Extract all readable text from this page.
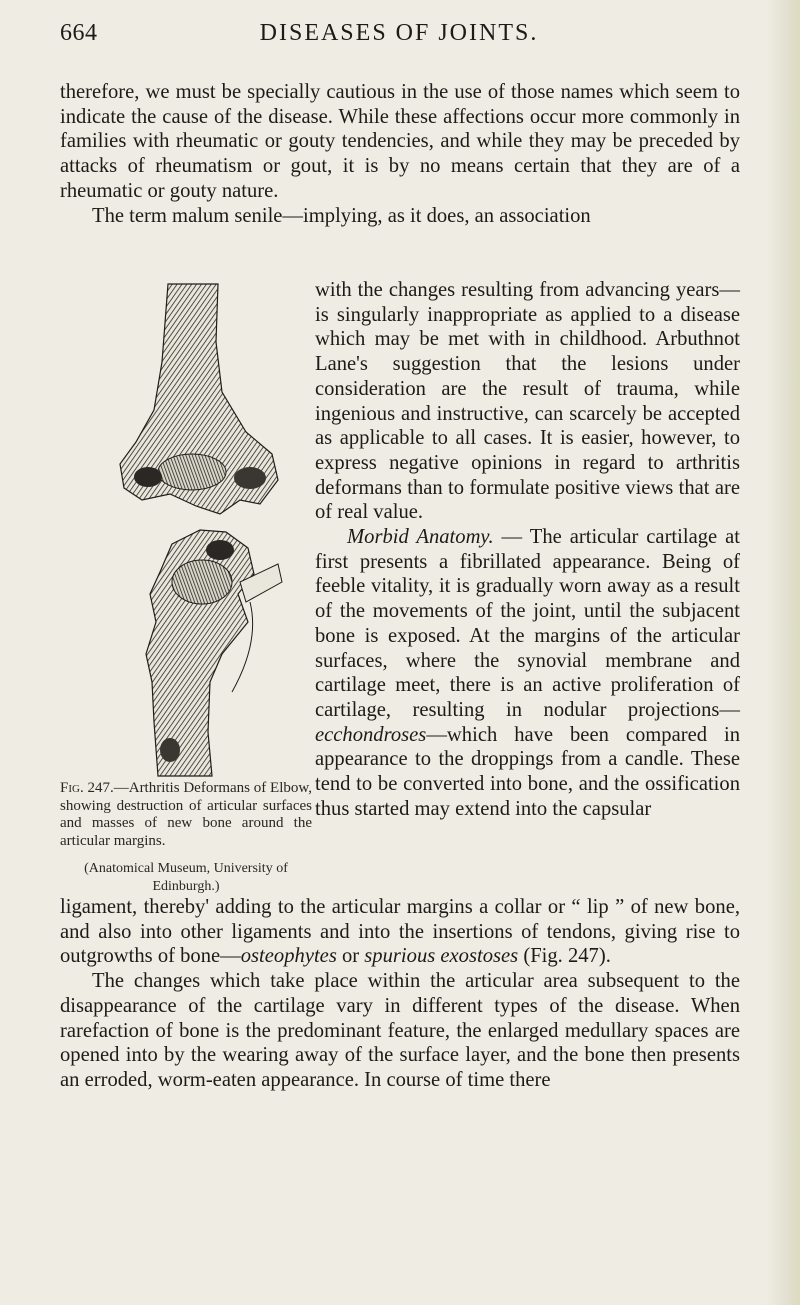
664	DISEASES OF JOINTS.

therefore, we must be specially cautious in the use of those names which seem to indicate the cause of the disease. While these affections occur more commonly in families with rheumatic or gouty tendencies, and while they may be preceded by attacks of rheumatism or gout, it is by no means certain that they are of a rheumatic or gouty nature.

The term malum senile—implying, as it does, an association

with the changes resulting from advancing years—is singularly inappropriate as applied to a disease which may be met with in childhood. Arbuthnot Lane's suggestion that the lesions under consideration are the result of trauma, while ingenious and instructive, can scarcely be accepted as applicable to all cases. It is easier, however, to express negative opinions in regard to arthritis deformans than to formulate positive views that are of real value.

Morbid Anatomy. — The articular cartilage at first presents a fibrillated appearance. Being of feeble vitality, it is gradually worn away as a result of the movements of the joint, until the subjacent bone is exposed. At the margins of the articular surfaces, where the synovial membrane and cartilage meet, there is an active proliferation of cartilage, resulting in nodular projections—ecchondroses—which have been compared in appearance to the droppings from a candle. These tend to be converted into bone, and the ossification thus started may extend into the capsular

Fig. 247.—Arthritis Deformans of Elbow, showing destruction of articular surfaces and masses of new bone around the articular margins.

(Anatomical Museum, University of Edinburgh.)

ligament, thereby' adding to the articular margins a collar or “ lip ” of new bone, and also into other ligaments and into the insertions of tendons, giving rise to outgrowths of bone—osteophytes or spurious exostoses (Fig. 247).

The changes which take place within the articular area subsequent to the disappearance of the cartilage vary in different types of the disease. When rarefaction of bone is the predominant feature, the enlarged medullary spaces are opened into by the wearing away of the surface layer, and the bone then presents an erroded, worm-eaten appearance. In course of time there
